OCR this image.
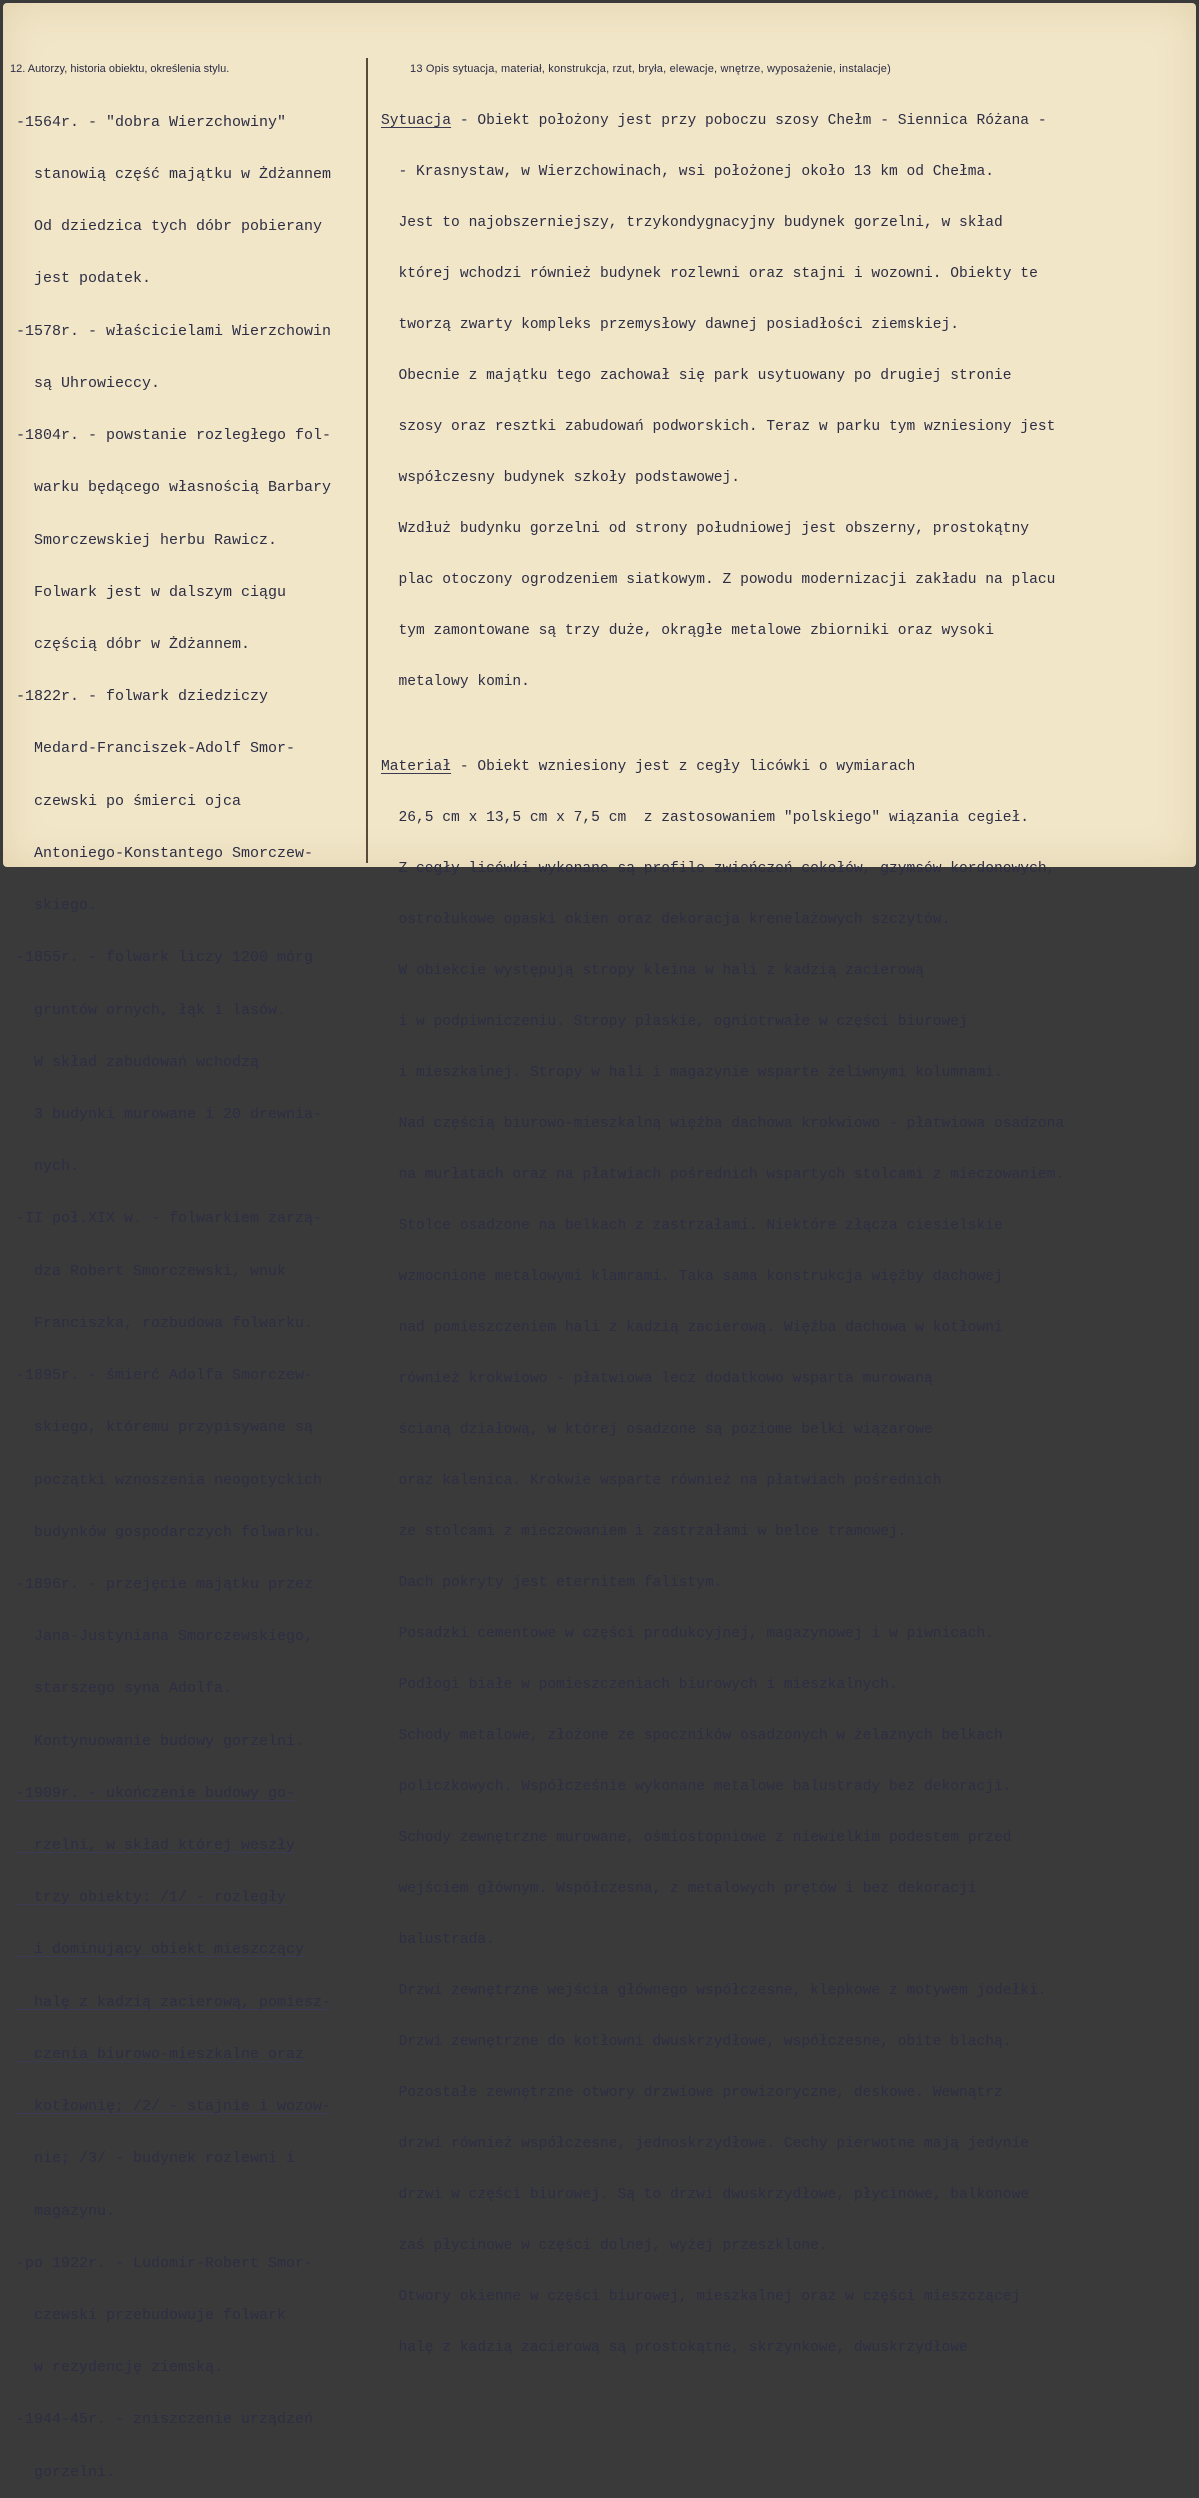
12. Autorzy, historia obiektu, określenia stylu.	13 Opis sytuacja, materiał, konstrukcja, rzut, bryła, elewacje, wnętrze, wyposażenie, instalacje)

-1564r. - "dobra Wierzchowiny"

stanowią część majątku w Żdżannem

Od dziedzica tych dóbr pobierany

jest podatek.

-1578r. - właścicielami Wierzchowin

są Uhrowieccy.

-1804r. - powstanie rozległego fol-

warku będącego własnością Barbary

Smorczewskiej herbu Rawicz.

Folwark jest w dalszym ciągu

częścią dóbr w Żdżannem.

-1822r. - folwark dziedziczy

Medard-Franciszek-Adolf Smor-

czewski po śmierci ojca

Antoniego-Konstantego Smorczew-

skiego.

-1855r. - folwark liczy 1200 mórg

gruntów ornych, łąk i lasów.

W skład zabudowań wchodzą

3 budynki murowane i 20 drewnia-

nych.

-II poł.XIX w. - folwarkiem zarzą-

dza Robert Smorczewski, wnuk

Franciszka, rozbudowa folwarku.

-1895r. - śmierć Adolfa Smorczew-

skiego, któremu przypisywane są

początki wznoszenia neogotyckich

budynków gospodarczych folwarku.

-1896r. - przejęcie majątku przez

Jana-Justyniana Smorczewskiego,

starszego syna Adolfa.

Kontynuowanie budowy gorzelni.

-1909r. - ukończenie budowy go-

rzelni, w skład której weszły

trzy obiekty: /1/ - rozległy

i dominujący obiekt mieszczący

halę z kadzią zacierową, pomiesz-

czenia biurowo-mieszkalne oraz

kotłownię; /2/ - stajnie i wozow-

nie; /3/ - budynek rozlewni i

magazynu.

-po 1922r. - Ludomir-Robert Smor-

czewski przebudowuje folwark

w rezydencję ziemską.

-1944-45r. - zniszczenie urządzeń

gorzelni.

Sytuacja - Obiekt położony jest przy poboczu szosy Chełm - Siennica Różana -

- Krasnystaw, w Wierzchowinach, wsi położonej około 13 km od Chełma.

Jest to najobszerniejszy, trzykondygnacyjny budynek gorzelni, w skład

której wchodzi również budynek rozlewni oraz stajni i wozowni. Obiekty te

tworzą zwarty kompleks przemysłowy dawnej posiadłości ziemskiej.

Obecnie z majątku tego zachował się park usytuowany po drugiej stronie

szosy oraz resztki zabudowań podworskich. Teraz w parku tym wzniesiony jest

współczesny budynek szkoły podstawowej.

Wzdłuż budynku gorzelni od strony południowej jest obszerny, prostokątny

plac otoczony ogrodzeniem siatkowym. Z powodu modernizacji zakładu na placu

tym zamontowane są trzy duże, okrągłe metalowe zbiorniki oraz wysoki

metalowy komin.

Materiał - Obiekt wzniesiony jest z cegły licówki o wymiarach

26,5 cm x 13,5 cm x 7,5 cm  z zastosowaniem "polskiego" wiązania cegieł.

Z cegły licówki wykonane są profile zwieńczeń cokołów, gzymsów kordonowych,

ostrołukowe opaski okien oraz dekoracja krenelażowych szczytów.

W obiekcie występują stropy kleina w hali z kadzią zacierową

i w podpiwniczeniu. Stropy płaskie, ogniotrwałe w części biurowej

i mieszkalnej. Stropy w hali i magazynie wsparte żeliwnymi kolumnami.

Nad częścią biurowo-mieszkalną więźba dachowa krokwiowo - płatwiowa osadzona

na murłatach oraz na płatwiach pośrednich wspartych stolcami z mieczowaniem.

Stolce osadzone na belkach z zastrzałami. Niektóre złącza ciesielskie

wzmocnione metalowymi klamrami. Taka sama konstrukcja więźby dachowej

nad pomieszczeniem hali z kadzią zacierową. Więźba dachowa w kotłowni

również krokwiowo - płatwiowa lecz dodatkowo wsparta murowaną

ścianą działową, w której osadzone są poziome belki wiązarowe

oraz kalenica. Krokwie wsparte również na płatwiach pośrednich

ze stolcami z mieczowaniem i zastrzałami w belce tramowej.

Dach pokryty jest eternitem falistym.

Posadzki cementowe w części produkcyjnej, magazynowej i w piwnicach.

Podłogi białe w pomieszczeniach biurowych i mieszkalnych.

Schody metalowe, złożone ze spoczników osadzonych w żelaznych belkach

policzkowych. Współcześnie wykonane metalowe balustrady bez dekoracji.

Schody zewnętrzne murowane, ośmiostopniowe z niewielkim podestem przed

wejściem głównym. Współczesna, z metalowych prętów i bez dekoracji

balustrada.

Drzwi zewnętrzne wejścia głównego współczesne, klepkowe z motywem jodełki.

Drzwi zewnętrzne do kotłowni dwuskrzydłowe, współczesne, obite blachą.

Pozostałe zewnętrzne otwory drzwiowe prowizoryczne, deskowe. Wewnątrz

drzwi również współczesne, jednoskrzydłowe. Cechy pierwotne mają jedynie

drzwi w części biurowej. Są to drzwi dwuskrzydłowe, płycinowe, balkonowe

zaś płycinowe w części dolnej, wyżej przeszklone.

Otwory okienne w części biurowej, mieszkalnej oraz w części mieszczącej

halę z kadzią zacierową są prostokątne, skrzynkowe, dwuskrzydłowe
